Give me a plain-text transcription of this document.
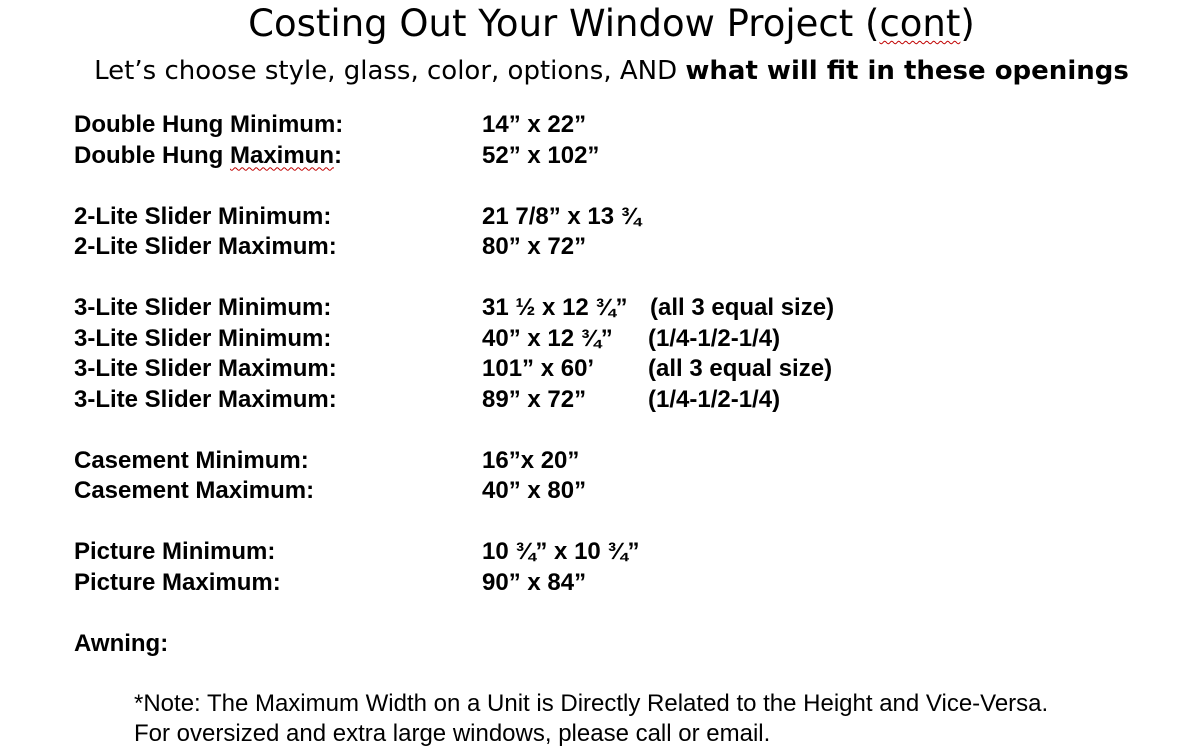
Costing Out Your Window Project (cont)
Let’s choose style, glass, color, options, AND what will fit in these openings
Double Hung Minimum:	14” x 22”
Double Hung Maximun:	52” x 102”
2-Lite Slider Minimum:	21 7/8” x 13 ¾
2-Lite Slider Maximum:	80” x 72”
3-Lite Slider Minimum:	31 ½ x 12 ¾” (all 3 equal size)
3-Lite Slider Minimum:	40” x 12 ¾” (1/4-1/2-1/4)
3-Lite Slider Maximum:	101” x 60’ (all 3 equal size)
3-Lite Slider Maximum:	89” x 72”	(1/4-1/2-1/4)
Casement Minimum:	16”x 20”
Casement Maximum:	40” x 80”
Picture Minimum:	10 ¾” x 10 ¾”
Picture Maximum:	90” x 84”
Awning:
*Note: The Maximum Width on a Unit is Directly Related to the Height and Vice-Versa.
For oversized and extra large windows, please call or email.
